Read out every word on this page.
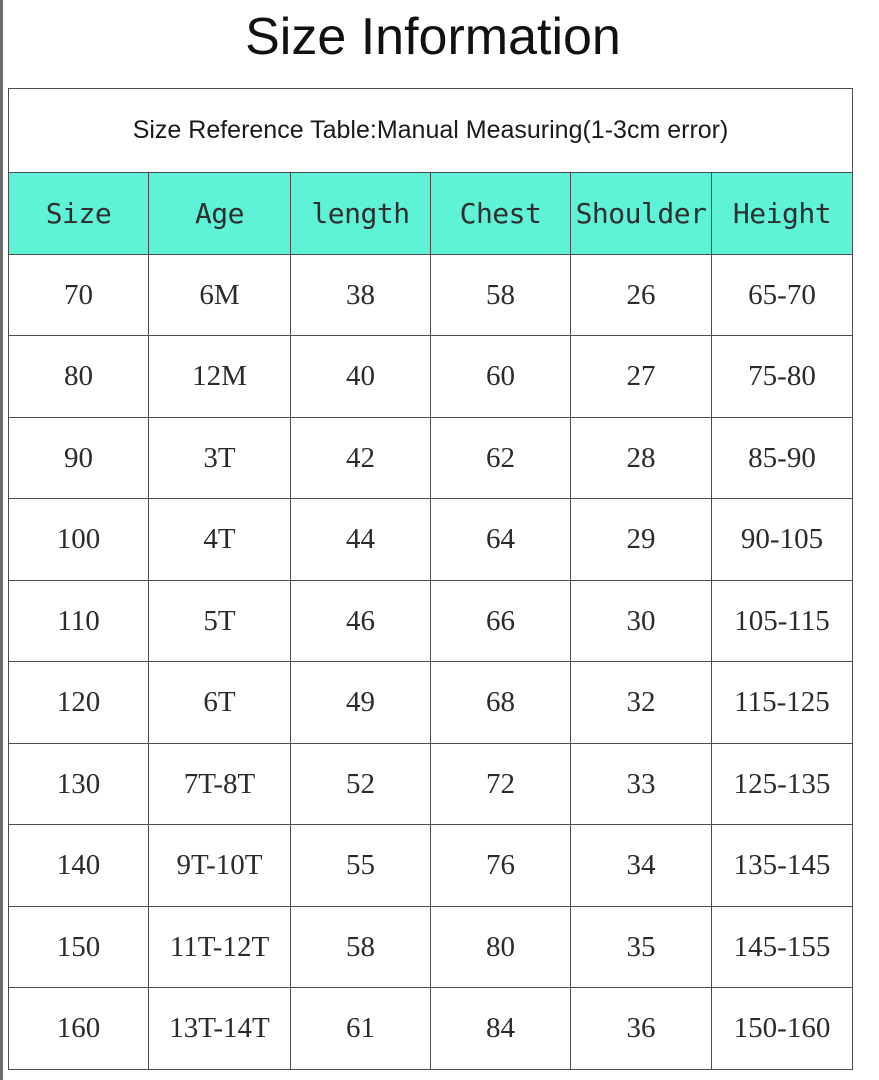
Size Information
Size Reference Table:Manual Measuring(1-3cm error)					
Size	Age	length	Chest	Shoulder	Height
70	6M	38	58	26	65-70
80	12M	40	60	27	75-80
90	3T	42	62	28	85-90
100	4T	44	64	29	90-105
110	5T	46	66	30	105-115
120	6T	49	68	32	115-125
130	7T-8T	52	72	33	125-135
140	9T-10T	55	76	34	135-145
150	11T-12T	58	80	35	145-155
160	13T-14T	61	84	36	150-160
